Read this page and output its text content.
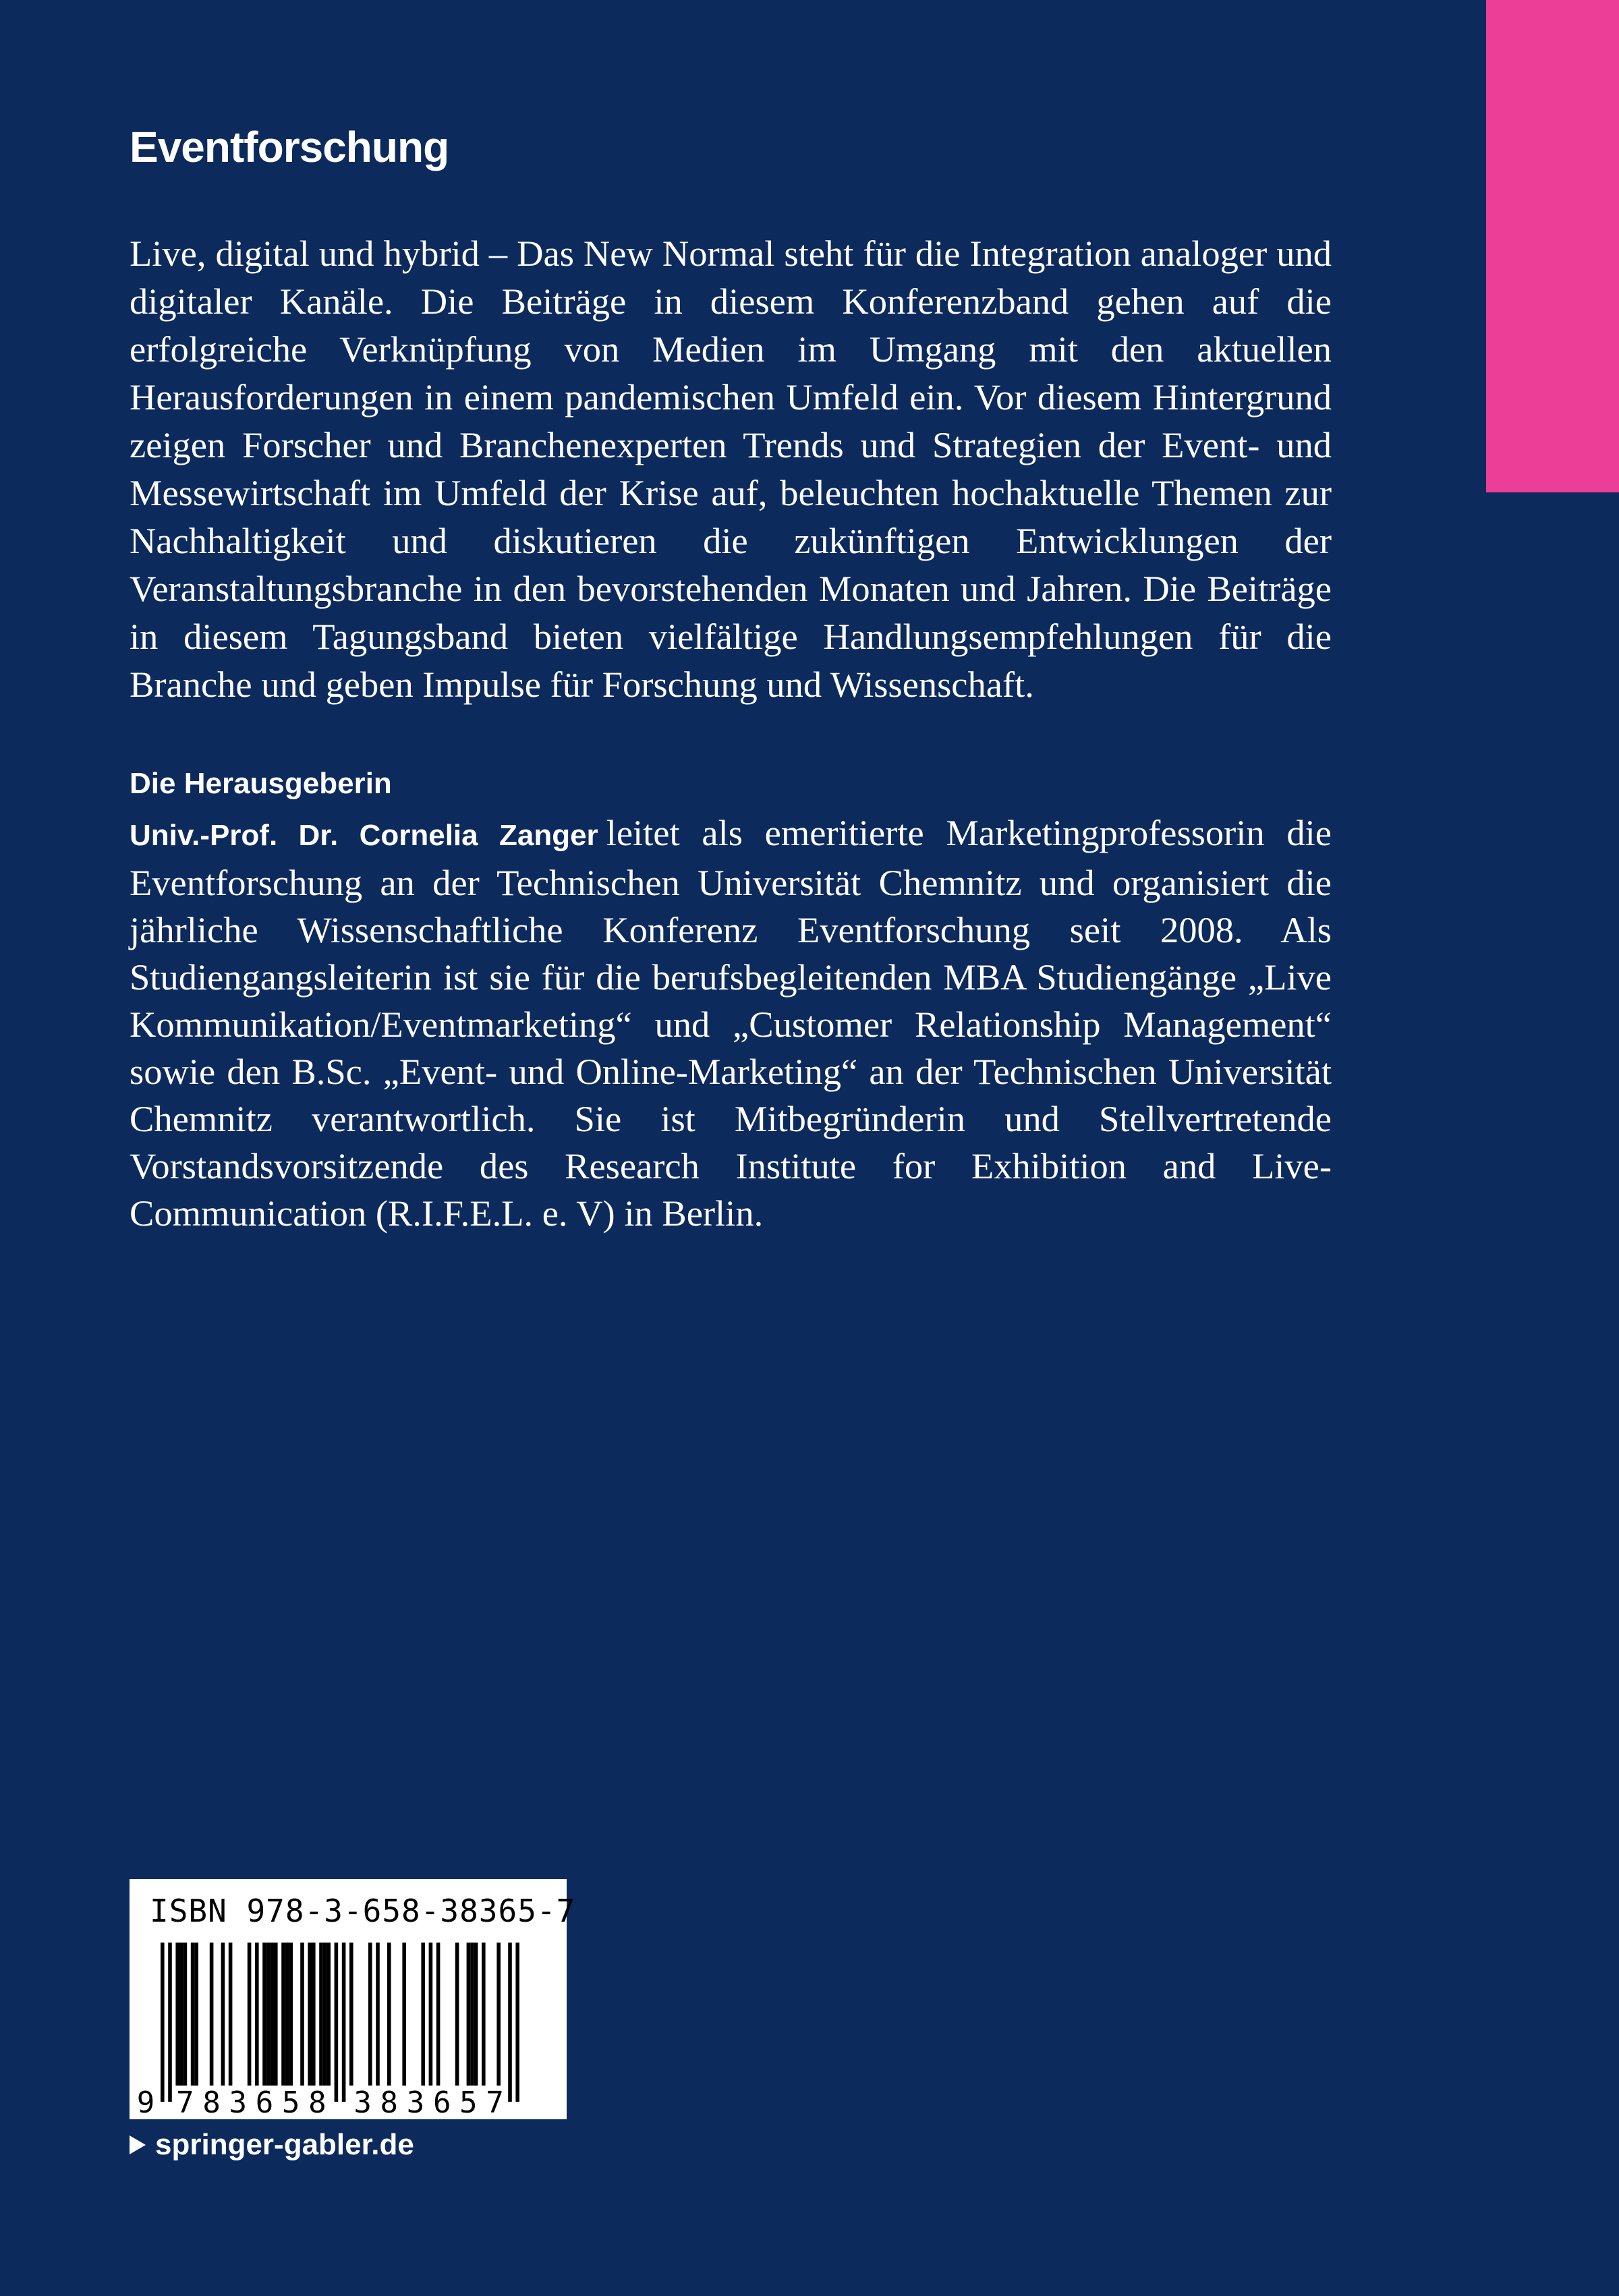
Eventforschung

Live, digital und hybrid – Das New Normal steht für die Integration analoger und digitaler Kanäle. Die Beiträge in diesem Konferenzband gehen auf die erfolgreiche Verknüpfung von Medien im Umgang mit den aktuellen Herausforderungen in einem pandemischen Umfeld ein. Vor diesem Hintergrund zeigen Forscher und Branchenexperten Trends und Strategien der Event- und Messewirtschaft im Umfeld der Krise auf, beleuchten hochaktuelle Themen zur Nachhaltigkeit und diskutieren die zukünftigen Entwicklungen der Veranstaltungsbranche in den bevorstehenden Monaten und Jahren. Die Beiträge in diesem Tagungsband bieten vielfältige Handlungsempfehlungen für die Branche und geben Impulse für Forschung und Wissenschaft.

Die Herausgeberin

Univ.-Prof. Dr. Cornelia Zanger leitet als emeritierte Marketingprofessorin die Eventforschung an der Technischen Universität Chemnitz und organisiert die jährliche Wissenschaftliche Konferenz Eventforschung seit 2008. Als Studiengangsleiterin ist sie für die berufsbegleitenden MBA Studiengänge „Live Kommunikation/Eventmarketing“ und „Customer Relationship Management“ sowie den B.Sc. „Event- und Online-Marketing“ an der Technischen Universität Chemnitz verantwortlich. Sie ist Mitbegründerin und Stellvertretende Vorstandsvorsitzende des Research Institute for Exhibition and Live-Communication (R.I.F.E.L. e. V) in Berlin.

ISBN 978-3-658-38365-7

9 7 8 3 6 5 8 3 8 3 6 5 7
springer-gabler.de
